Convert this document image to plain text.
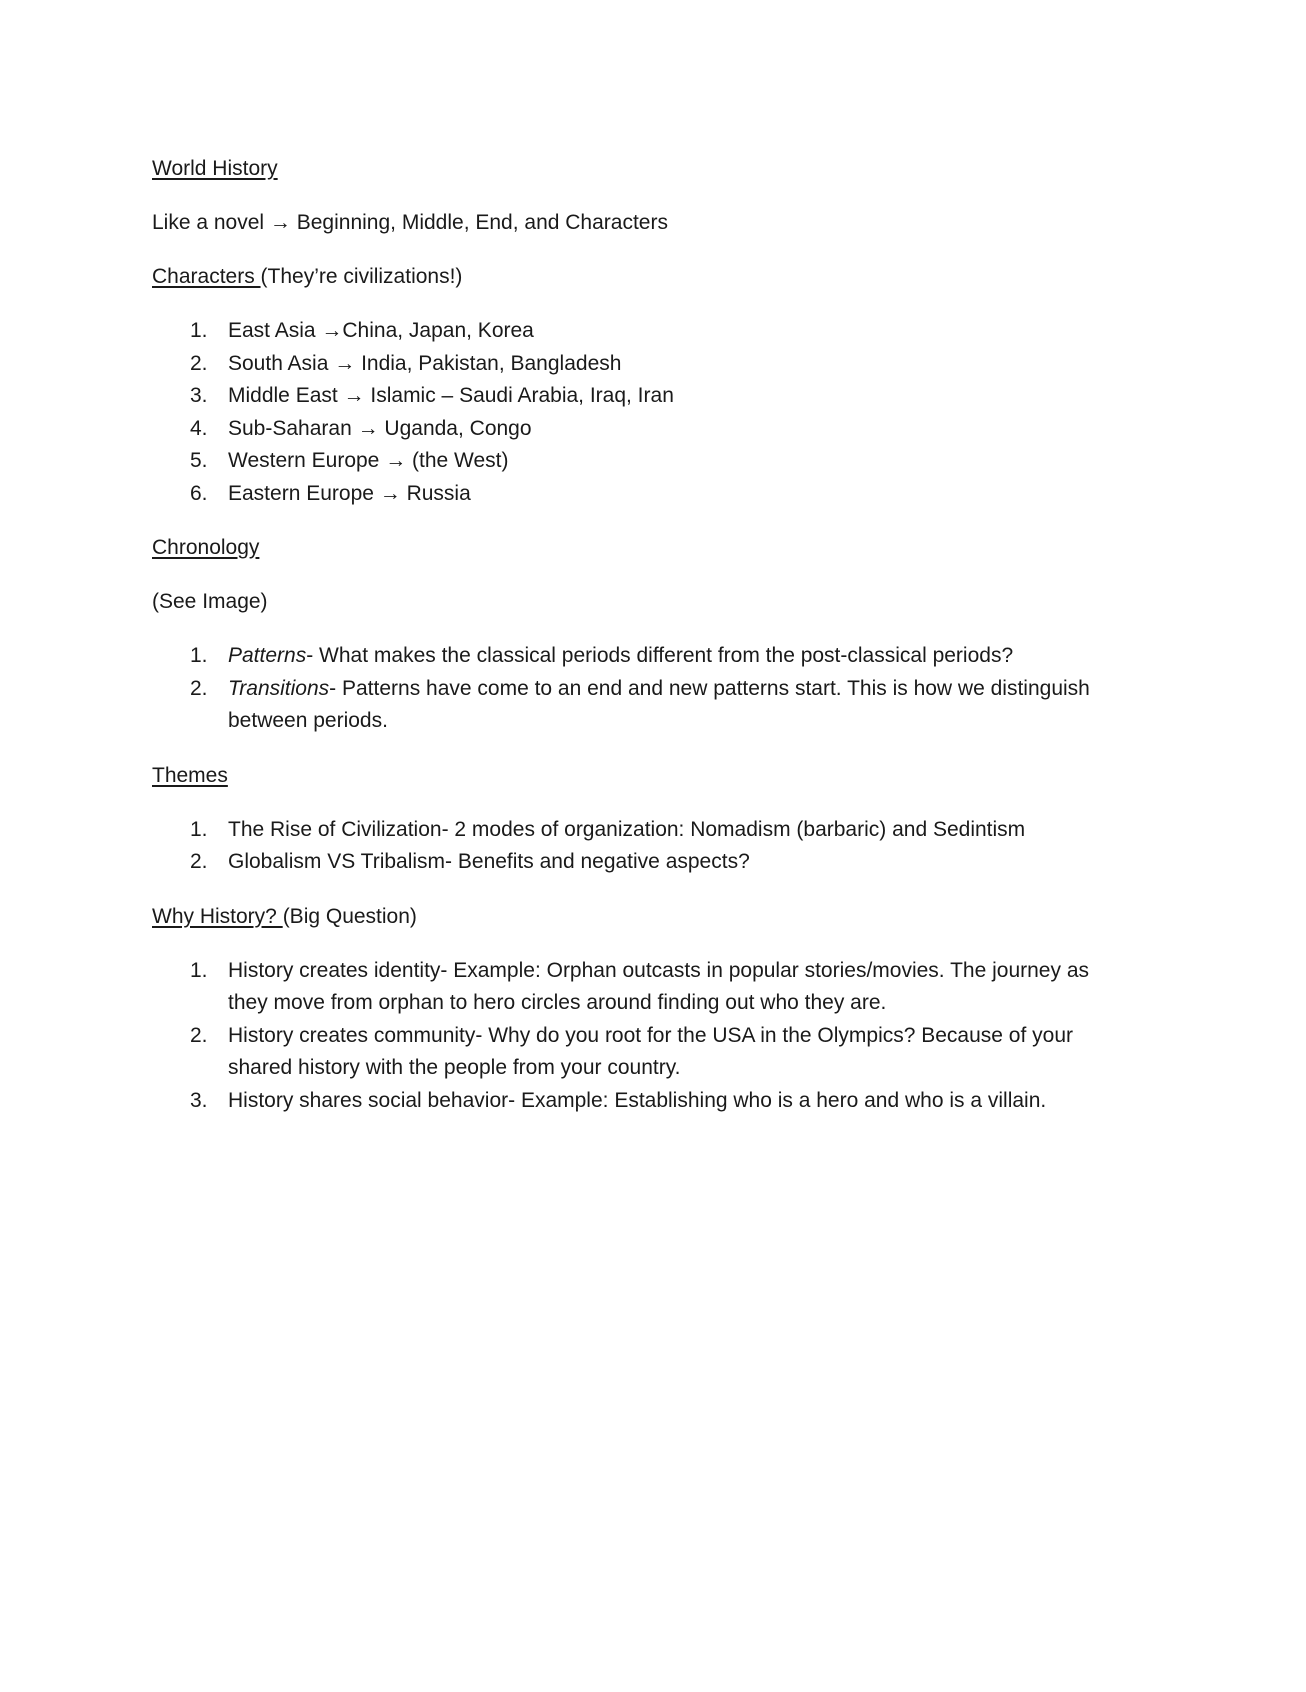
World History

Like a novel → Beginning, Middle, End, and Characters

Characters (They’re civilizations!)

1. East Asia →China, Japan, Korea
2. South Asia → India, Pakistan, Bangladesh
3. Middle East → Islamic – Saudi Arabia, Iraq, Iran
4. Sub-Saharan → Uganda, Congo
5. Western Europe → (the West)
6. Eastern Europe → Russia

Chronology

(See Image)

1. Patterns- What makes the classical periods different from the post-classical periods?
2. Transitions- Patterns have come to an end and new patterns start. This is how we distinguish between periods.

Themes

1. The Rise of Civilization- 2 modes of organization: Nomadism (barbaric) and Sedintism
2. Globalism VS Tribalism- Benefits and negative aspects?

Why History? (Big Question)

1. History creates identity- Example: Orphan outcasts in popular stories/movies. The journey as they move from orphan to hero circles around finding out who they are.
2. History creates community- Why do you root for the USA in the Olympics? Because of your shared history with the people from your country.
3. History shares social behavior- Example: Establishing who is a hero and who is a villain.
